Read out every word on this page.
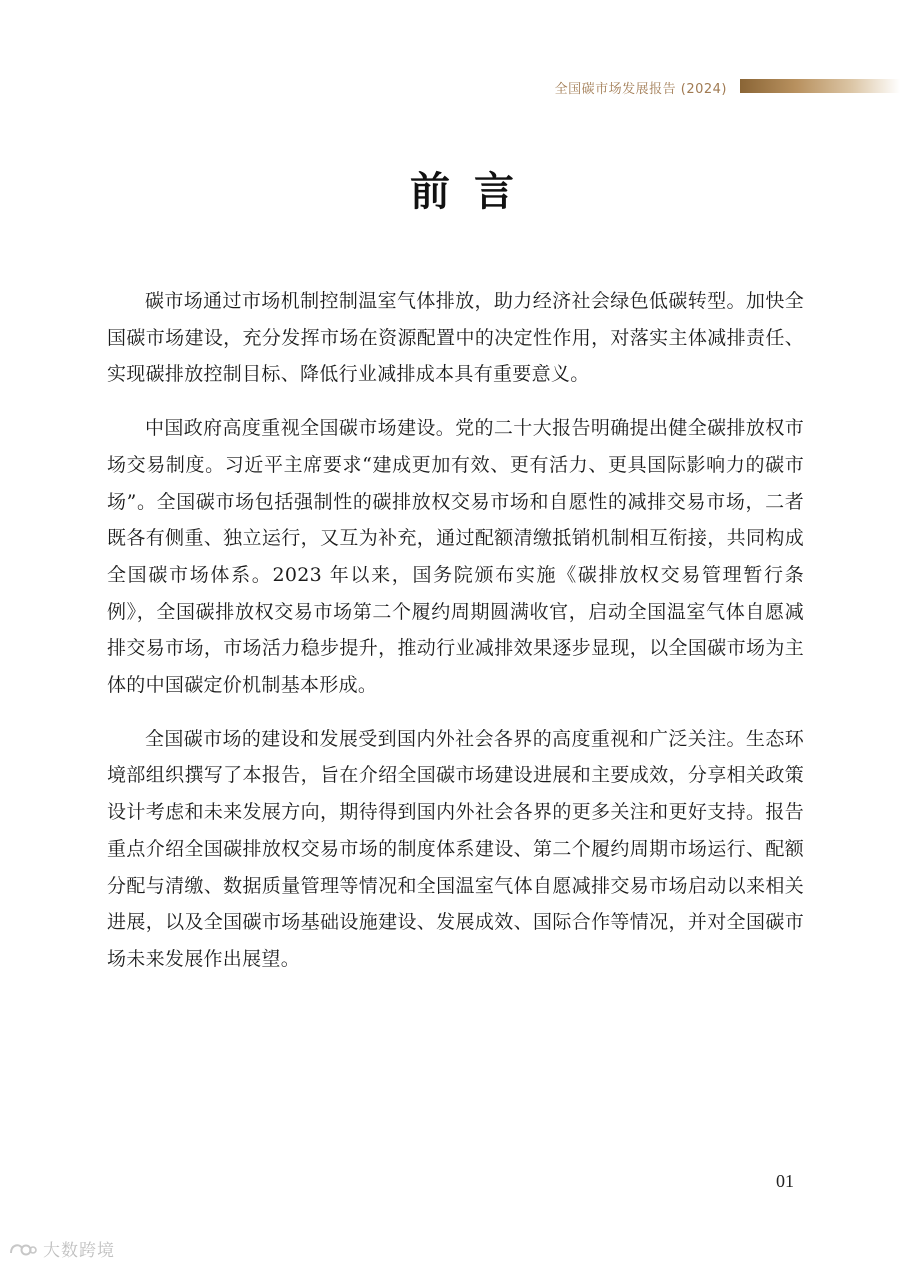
全国碳市场发展报告 (2024)
前言

碳市场通过市场机制控制温室气体排放，助力经济社会绿色低碳转型。加快全国碳市场建设，充分发挥市场在资源配置中的决定性作用，对落实主体减排责任、实现碳排放控制目标、降低行业减排成本具有重要意义。

中国政府高度重视全国碳市场建设。党的二十大报告明确提出健全碳排放权市场交易制度。习近平主席要求“建成更加有效、更有活力、更具国际影响力的碳市场”。全国碳市场包括强制性的碳排放权交易市场和自愿性的减排交易市场，二者既各有侧重、独立运行，又互为补充，通过配额清缴抵销机制相互衔接，共同构成全国碳市场体系。2023 年以来，国务院颁布实施《碳排放权交易管理暂行条例》，全国碳排放权交易市场第二个履约周期圆满收官，启动全国温室气体自愿减排交易市场，市场活力稳步提升，推动行业减排效果逐步显现，以全国碳市场为主体的中国碳定价机制基本形成。

全国碳市场的建设和发展受到国内外社会各界的高度重视和广泛关注。生态环境部组织撰写了本报告，旨在介绍全国碳市场建设进展和主要成效，分享相关政策设计考虑和未来发展方向，期待得到国内外社会各界的更多关注和更好支持。报告重点介绍全国碳排放权交易市场的制度体系建设、第二个履约周期市场运行、配额分配与清缴、数据质量管理等情况和全国温室气体自愿减排交易市场启动以来相关进展，以及全国碳市场基础设施建设、发展成效、国际合作等情况，并对全国碳市场未来发展作出展望。

01
大数跨境
